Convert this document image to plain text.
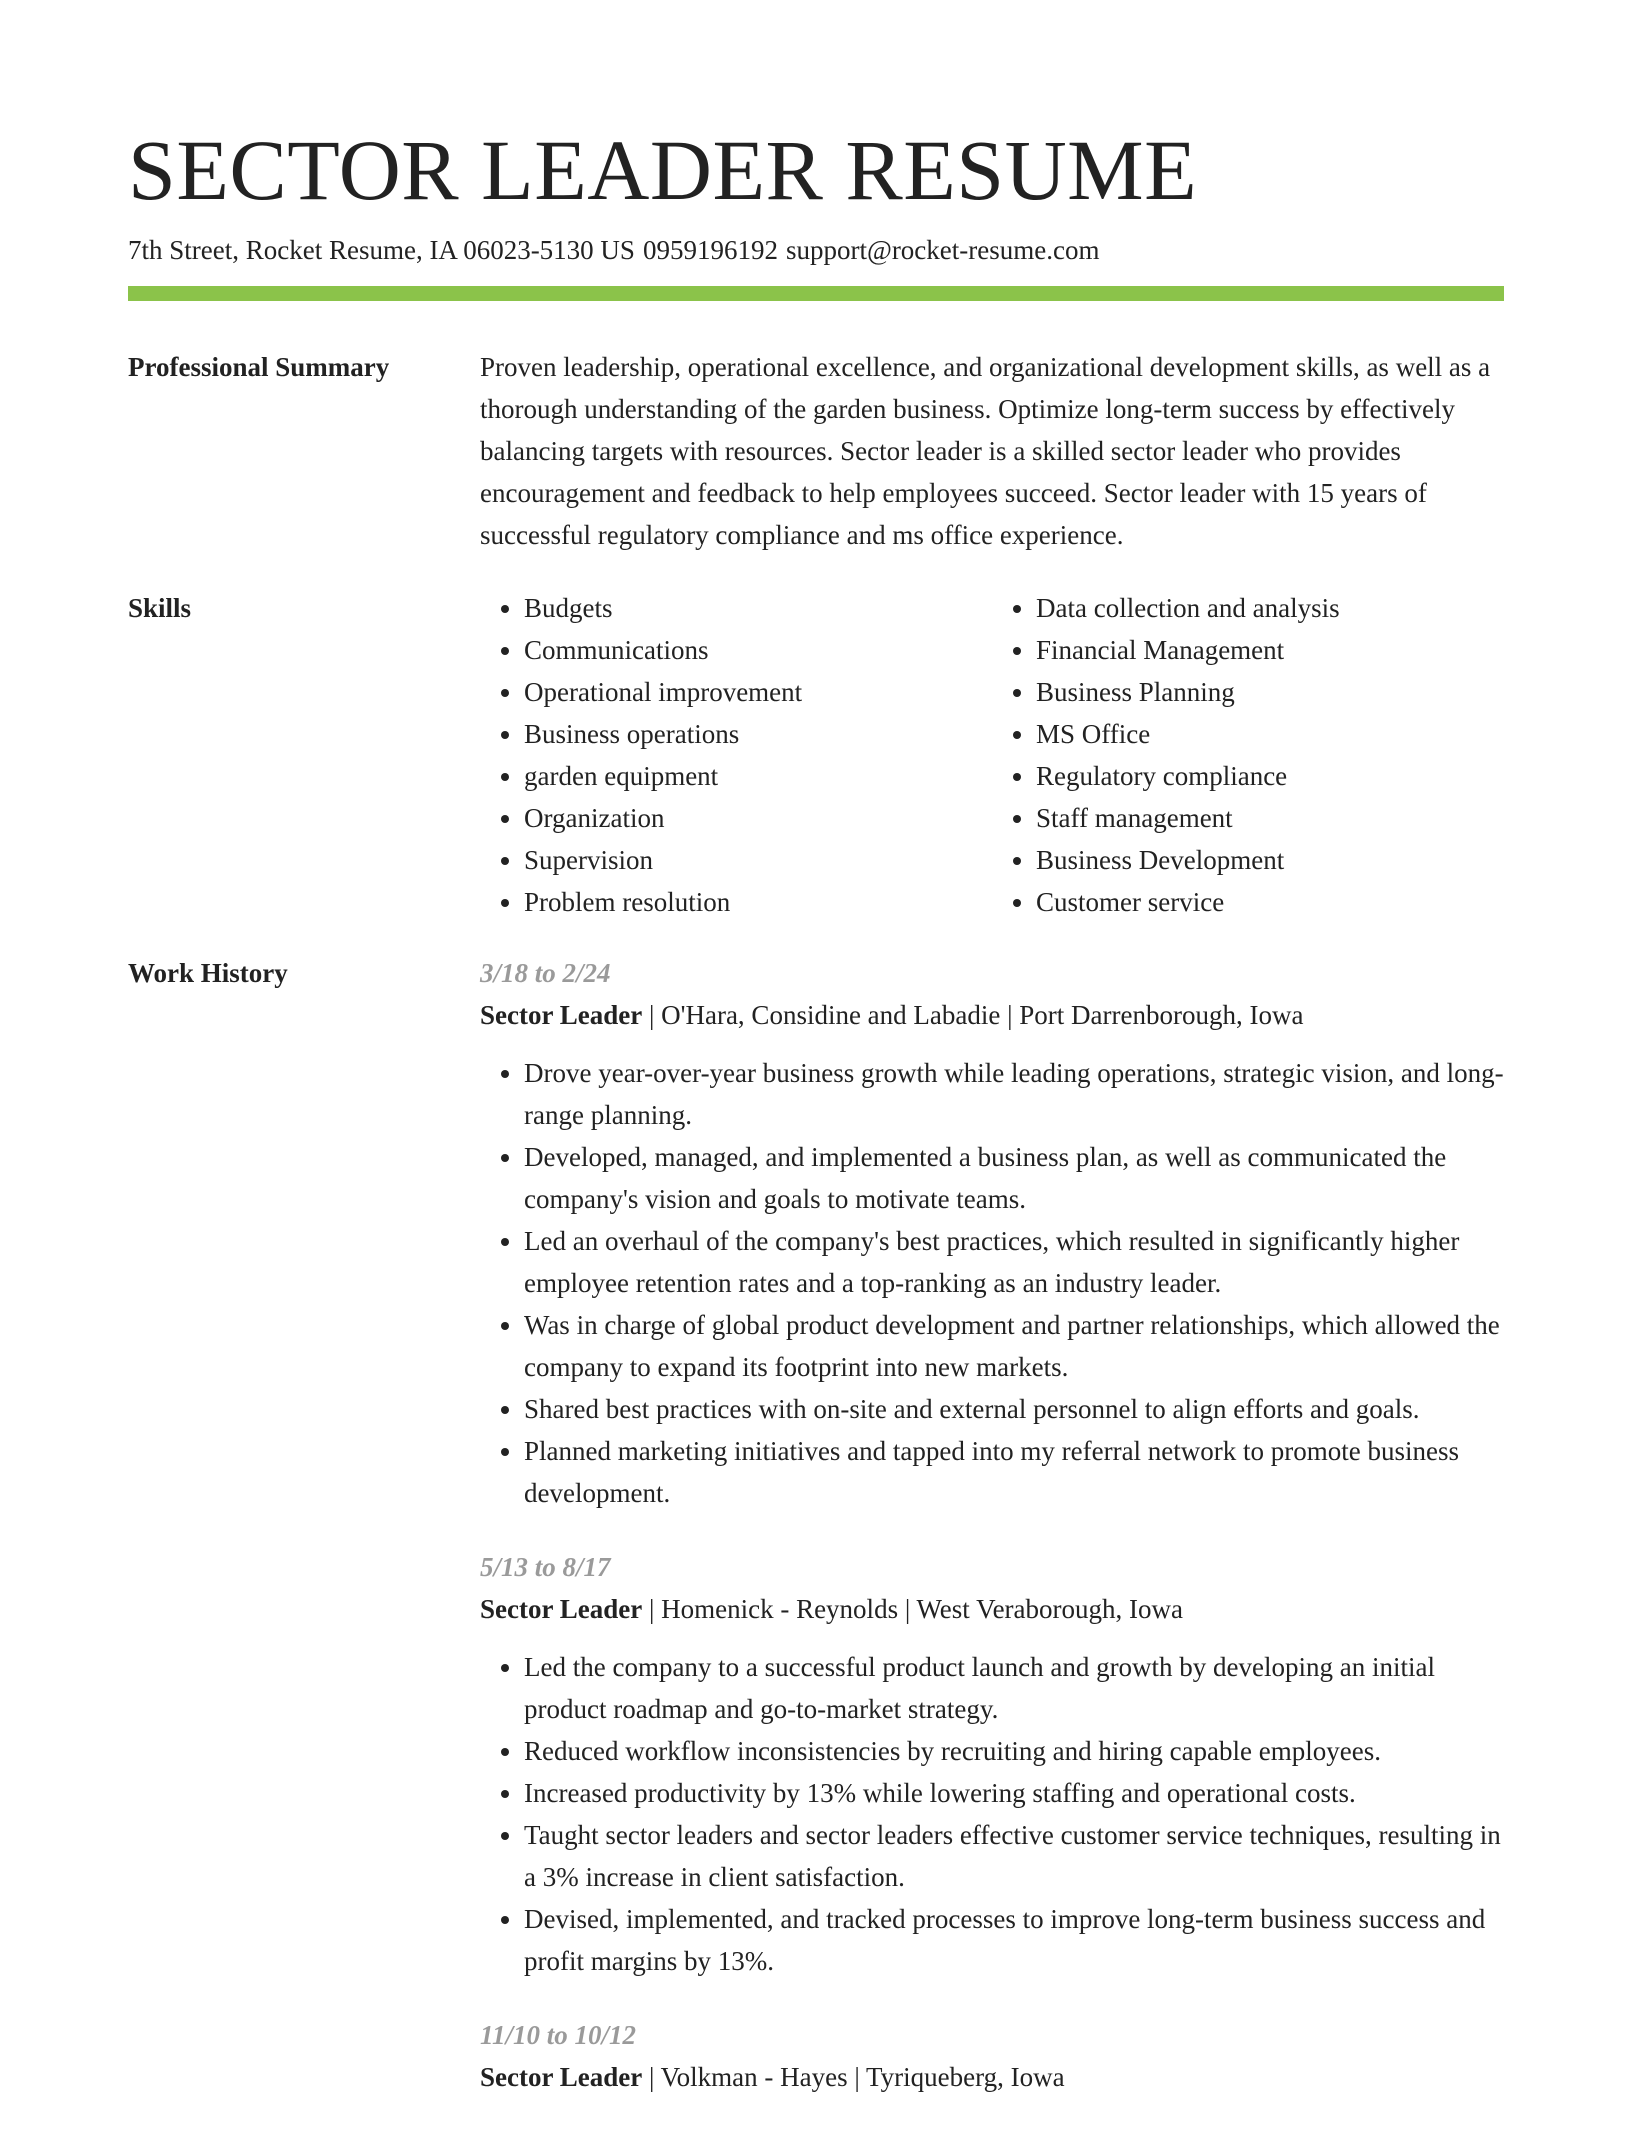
SECTOR LEADER RESUME
7th Street, Rocket Resume, IA 06023-5130 US 0959196192 support@rocket-resume.com
Professional Summary	Proven leadership, operational excellence, and organizational development skills, as well as a thorough understanding of the garden business. Optimize long-term success by effectively balancing targets with resources. Sector leader is a skilled sector leader who provides encouragement and feedback to help employees succeed. Sector leader with 15 years of successful regulatory compliance and ms office experience.

Skills
•	Budgets
• Communications
• Operational improvement
• Business operations
• garden equipment
• Organization
• Supervision
• Problem resolution
• Data collection and analysis
• Financial Management
• Business Planning
• MS Office
• Regulatory compliance
• Staff management
• Business Development
• Customer service
Work History	3/18 to 2/24
Sector Leader | O'Hara, Considine and Labadie | Port Darrenborough, Iowa
• Drove year-over-year business growth while leading operations, strategic vision, and long-range planning.
• Developed, managed, and implemented a business plan, as well as communicated the company's vision and goals to motivate teams.
• Led an overhaul of the company's best practices, which resulted in significantly higher employee retention rates and a top-ranking as an industry leader.
• Was in charge of global product development and partner relationships, which allowed the company to expand its footprint into new markets.
• Shared best practices with on-site and external personnel to align efforts and goals.
• Planned marketing initiatives and tapped into my referral network to promote business development.
5/13 to 8/17
Sector Leader | Homenick - Reynolds | West Veraborough, Iowa
• Led the company to a successful product launch and growth by developing an initial product roadmap and go-to-market strategy.
• Reduced workflow inconsistencies by recruiting and hiring capable employees.
• Increased productivity by 13% while lowering staffing and operational costs.
• Taught sector leaders and sector leaders effective customer service techniques, resulting in a 3% increase in client satisfaction.
• Devised, implemented, and tracked processes to improve long-term business success and profit margins by 13%.
11/10 to 10/12
Sector Leader | Volkman - Hayes | Tyriqueberg, Iowa
